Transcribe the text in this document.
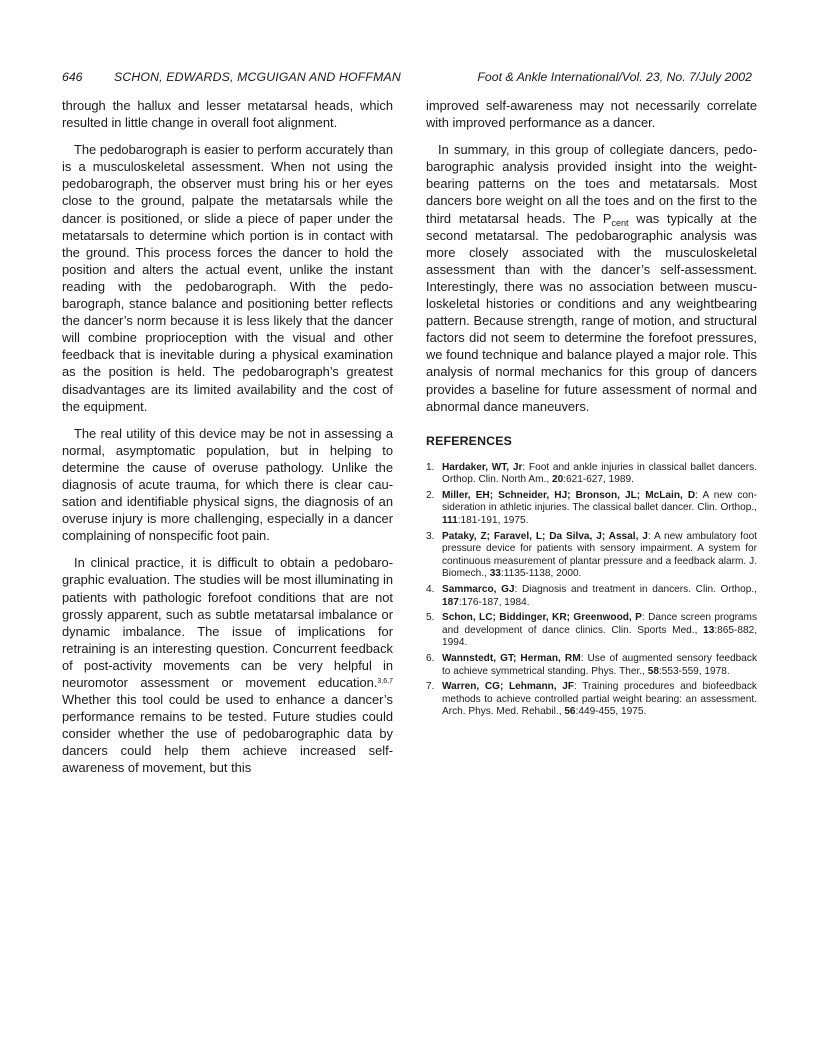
646	SCHON, EDWARDS, MCGUIGAN AND HOFFMAN	Foot & Ankle International/Vol. 23, No. 7/July 2002

through the hallux and lesser metatarsal heads, which resulted in little change in overall foot alignment.

The pedobarograph is easier to perform accurately than is a musculoskeletal assessment. When not using the pedobarograph, the observer must bring his or her eyes close to the ground, palpate the metatarsals while the dancer is positioned, or slide a piece of paper under the metatarsals to determine which portion is in contact with the ground. This process forces the dancer to hold the position and alters the actual event, unlike the instant reading with the pedobarograph. With the pedobarograph, stance balance and positioning better reflects the dancer’s norm because it is less likely that the dancer will combine proprioception with the visual and other feedback that is inevitable during a physical examination as the position is held. The pedobarograph’s greatest disadvantages are its limited availability and the cost of the equipment.

The real utility of this device may be not in assessing a normal, asymptomatic population, but in helping to determine the cause of overuse pathology. Unlike the diagnosis of acute trauma, for which there is clear causation and identifiable physical signs, the diagnosis of an overuse injury is more challenging, especially in a dancer complaining of nonspecific foot pain.

In clinical practice, it is difficult to obtain a pedobarographic evaluation. The studies will be most illuminating in patients with pathologic forefoot conditions that are not grossly apparent, such as subtle metatarsal imbalance or dynamic imbalance. The issue of implications for retraining is an interesting question. Concurrent feedback of post-activity movements can be very helpful in neuromotor assessment or movement education.$^{3,6,7}$ Whether this tool could be used to enhance a dancer’s performance remains to be tested. Future studies could consider whether the use of pedobarographic data by dancers could help them achieve increased self-awareness of movement, but this

improved self-awareness may not necessarily correlate with improved performance as a dancer.

In summary, in this group of collegiate dancers, pedobarographic analysis provided insight into the weightbearing patterns on the toes and metatarsals. Most dancers bore weight on all the toes and on the first to the third metatarsal heads. The $P_{cent}$ was typically at the second metatarsal. The pedobarographic analysis was more closely associated with the musculoskeletal assessment than with the dancer’s self-assessment. Interestingly, there was no association between musculoskeletal histories or conditions and any weightbearing pattern. Because strength, range of motion, and structural factors did not seem to determine the forefoot pressures, we found technique and balance played a major role. This analysis of normal mechanics for this group of dancers provides a baseline for future assessment of normal and abnormal dance maneuvers.

REFERENCES
1. Hardaker, WT, Jr: Foot and ankle injuries in classical ballet dancers. Orthop. Clin. North Am., 20:621-627, 1989.
2. Miller, EH; Schneider, HJ; Bronson, JL; McLain, D: A new consideration in athletic injuries. The classical ballet dancer. Clin. Orthop., 111:181-191, 1975.
3. Pataky, Z; Faravel, L; Da Silva, J; Assal, J: A new ambulatory foot pressure device for patients with sensory impairment. A system for continuous measurement of plantar pressure and a feedback alarm. J. Biomech., 33:1135-1138, 2000.
4. Sammarco, GJ: Diagnosis and treatment in dancers. Clin. Orthop., 187:176-187, 1984.
5. Schon, LC; Biddinger, KR; Greenwood, P: Dance screen programs and development of dance clinics. Clin. Sports Med., 13:865-882, 1994.
6. Wannstedt, GT; Herman, RM: Use of augmented sensory feedback to achieve symmetrical standing. Phys. Ther., 58:553-559, 1978.
7. Warren, CG; Lehmann, JF: Training procedures and biofeedback methods to achieve controlled partial weight bearing: an assessment. Arch. Phys. Med. Rehabil., 56:449-455, 1975.
